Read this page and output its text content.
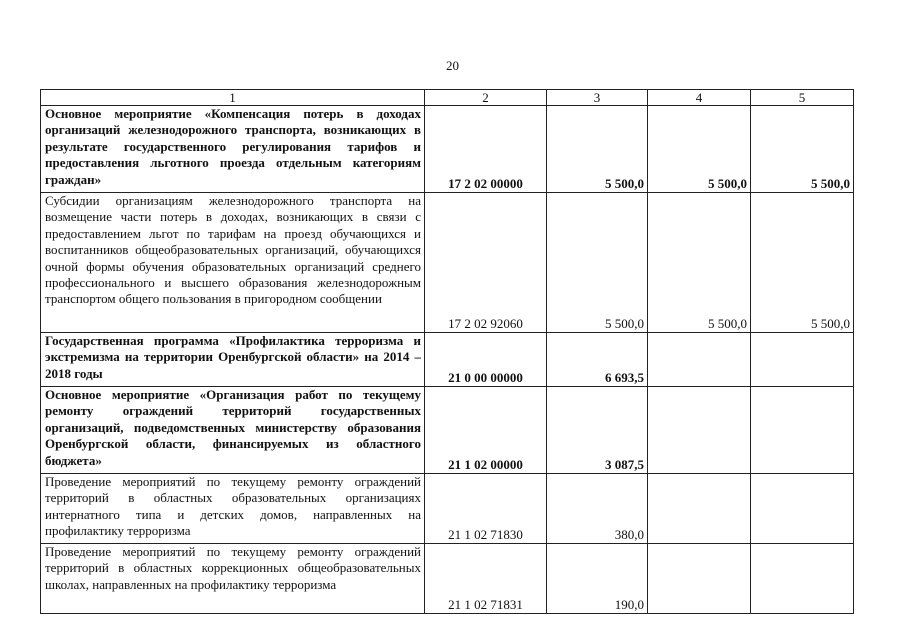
20
1	2	3	4	5
Основное мероприятие «Компенсация потерь в доходах организаций железнодорожного транспорта, возникающих в результате государственного регулирования тарифов и предоставления льготного проезда отдельным категориям граждан»	17 2 02 00000	5 500,0	5 500,0	5 500,0
Субсидии организациям железнодорожного транспорта на возмещение части потерь в доходах, возникающих в связи с предоставлением льгот по тарифам на проезд обучающихся и воспитанников общеобразовательных организаций, обучающихся очной формы обучения образовательных организаций среднего профессионального и высшего образования железнодорожным транспортом общего пользования в пригородном сообщении	17 2 02 92060	5 500,0	5 500,0	5 500,0
Государственная программа «Профилактика терроризма и экстремизма на территории Оренбургской области» на 2014 – 2018 годы	21 0 00 00000	6 693,5		
Основное мероприятие «Организация работ по текущему ремонту ограждений территорий государственных организаций, подведомственных министерству образования Оренбургской области, финансируемых из областного бюджета»	21 1 02 00000	3 087,5		
Проведение мероприятий по текущему ремонту ограждений территорий в областных образовательных организациях интернатного типа и детских домов, направленных на профилактику терроризма	21 1 02 71830	380,0		
Проведение мероприятий по текущему ремонту ограждений территорий в областных коррекционных общеобразовательных школах, направленных на профилактику терроризма	21 1 02 71831	190,0		
